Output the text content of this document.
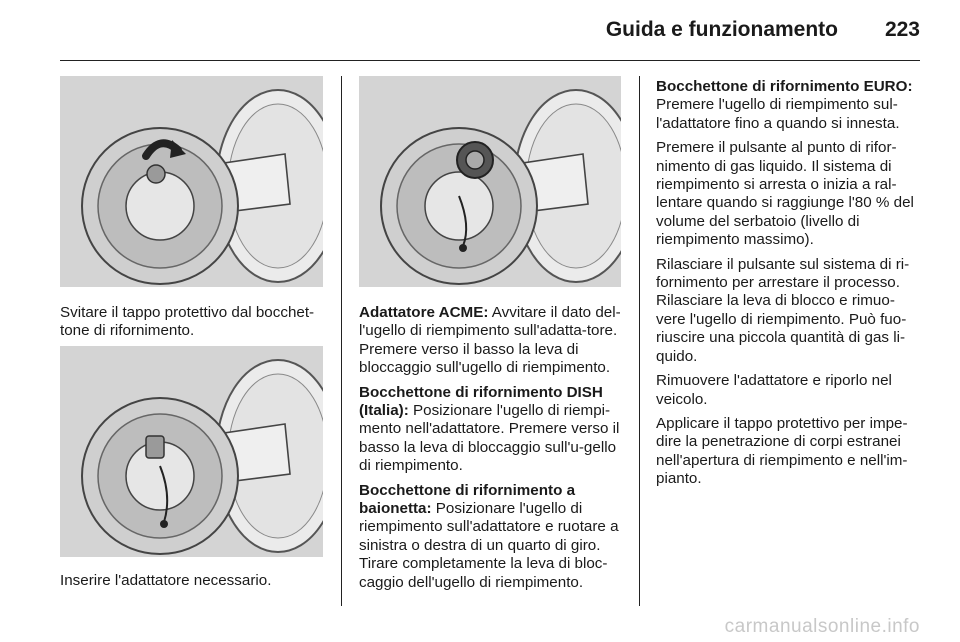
Guida e funzionamento 223
Svitare il tappo protettivo dal bocchet-tone di rifornimento.
Inserire l'adattatore necessario.

Adattatore ACME: Avvitare il dato del-l'ugello di riempimento sull'adatta-tore. Premere verso il basso la leva di bloccaggio sull'ugello di riempimento.

Bocchettone di rifornimento DISH (Italia): Posizionare l'ugello di riempi-mento nell'adattatore. Premere verso il basso la leva di bloccaggio sull'u-gello di riempimento.

Bocchettone di rifornimento a baionetta: Posizionare l'ugello di riempimento sull'adattatore e ruotare a sinistra o destra di un quarto di giro. Tirare completamente la leva di bloc-caggio dell'ugello di riempimento.

Bocchettone di rifornimento EURO:
Premere l'ugello di riempimento sul-l'adattatore fino a quando si innesta.

Premere il pulsante al punto di rifor-nimento di gas liquido. Il sistema di riempimento si arresta o inizia a ral-lentare quando si raggiunge l'80 % del volume del serbatoio (livello di riempimento massimo).

Rilasciare il pulsante sul sistema di ri-fornimento per arrestare il processo. Rilasciare la leva di blocco e rimuo-vere l'ugello di riempimento. Può fuo-riuscire una piccola quantità di gas li-quido.

Rimuovere l'adattatore e riporlo nel veicolo.

Applicare il tappo protettivo per impe-dire la penetrazione di corpi estranei nell'apertura di riempimento e nell'im-pianto.

carmanualsonline.info
